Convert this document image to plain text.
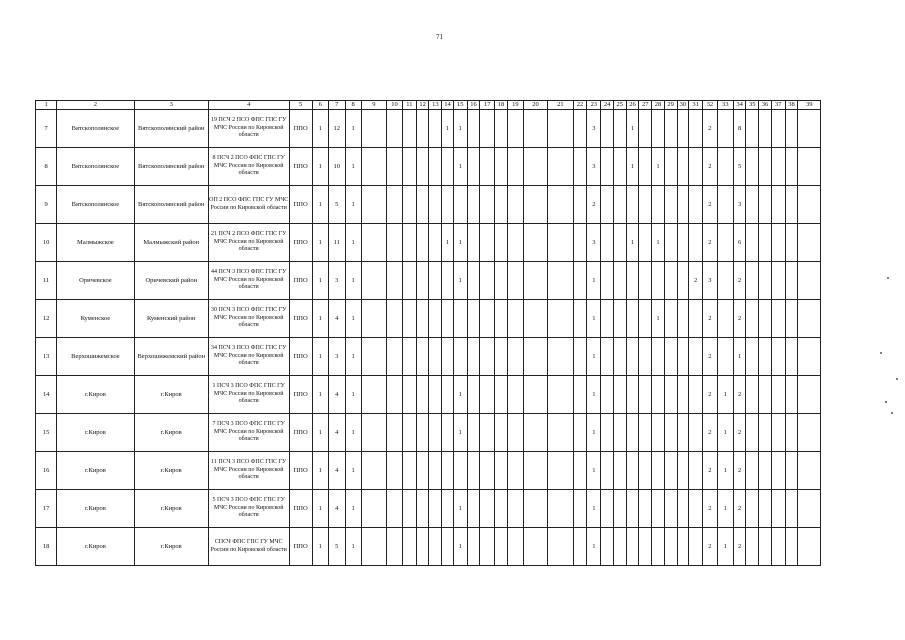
71
1	2	3	4	5	6	7	8	9	10	11	12	13	14	15	16	17	18	19	20	21	22	23	24	25	26	27	28	29	30	31	32	33	34	35	36	37	38	39
7	Вятскополянское	Вятскополянский район	19 ПСЧ 2 ПСО ФПС ГПС ГУ МЧС России по Кировской области	ППО	1	12	1						1	1								3			1						2		8					
8	Вятскополянское	Вятскополянский район	8 ПСЧ 2 ПСО ФПС ГПС ГУ МЧС России по Кировской области	ППО	1	10	1							1								3			1		1				2		5					
9	Вятскополянское	Вятскополянский район	ОП 2 ПСО ФПС ГПС ГУ МЧС России по Кировской области	ППО	1	5	1															2									2		3					
10	Малмыжское	Малмыжский район	21 ПСЧ 2 ПСО ФПС ГПС ГУ МЧС России по Кировской области	ППО	1	11	1						1	1								3			1		1				2		6					
11	Оричевское	Оричевский район	44 ПСЧ 3 ПСО ФПС ГПС ГУ МЧС России по Кировской области	ППО	1	3	1							1								1								2	3		2					
12	Куменское	Куменский район	30 ПСЧ 3 ПСО ФПС ГПС ГУ МЧС России по Кировской области	ППО	1	4	1															1					1				2		2					
13	Верхошижемское	Верхошижемский район	34 ПСЧ 3 ПСО ФПС ГПС ГУ МЧС России по Кировской области	ППО	1	3	1															1									2		1					
14	г.Киров	г.Киров	1 ПСЧ 3 ПСО ФПС ГПС ГУ МЧС России по Кировской области	ППО	1	4	1							1								1									2	1	2					
15	г.Киров	г.Киров	7 ПСЧ 3 ПСО ФПС ГПС ГУ МЧС России по Кировской области	ППО	1	4	1							1								1									2	1	2					
16	г.Киров	г.Киров	11 ПСЧ 3 ПСО ФПС ГПС ГУ МЧС России по Кировской области	ППО	1	4	1															1									2	1	2					
17	г.Киров	г.Киров	5 ПСЧ 3 ПСО ФПС ГПС ГУ МЧС России по Кировской области	ППО	1	4	1							1								1									2	1	2					
18	г.Киров	г.Киров	СПСЧ ФПС ГПС ГУ МЧС России по Кировской области	ППО	1	5	1							1								1									2	1	2					
